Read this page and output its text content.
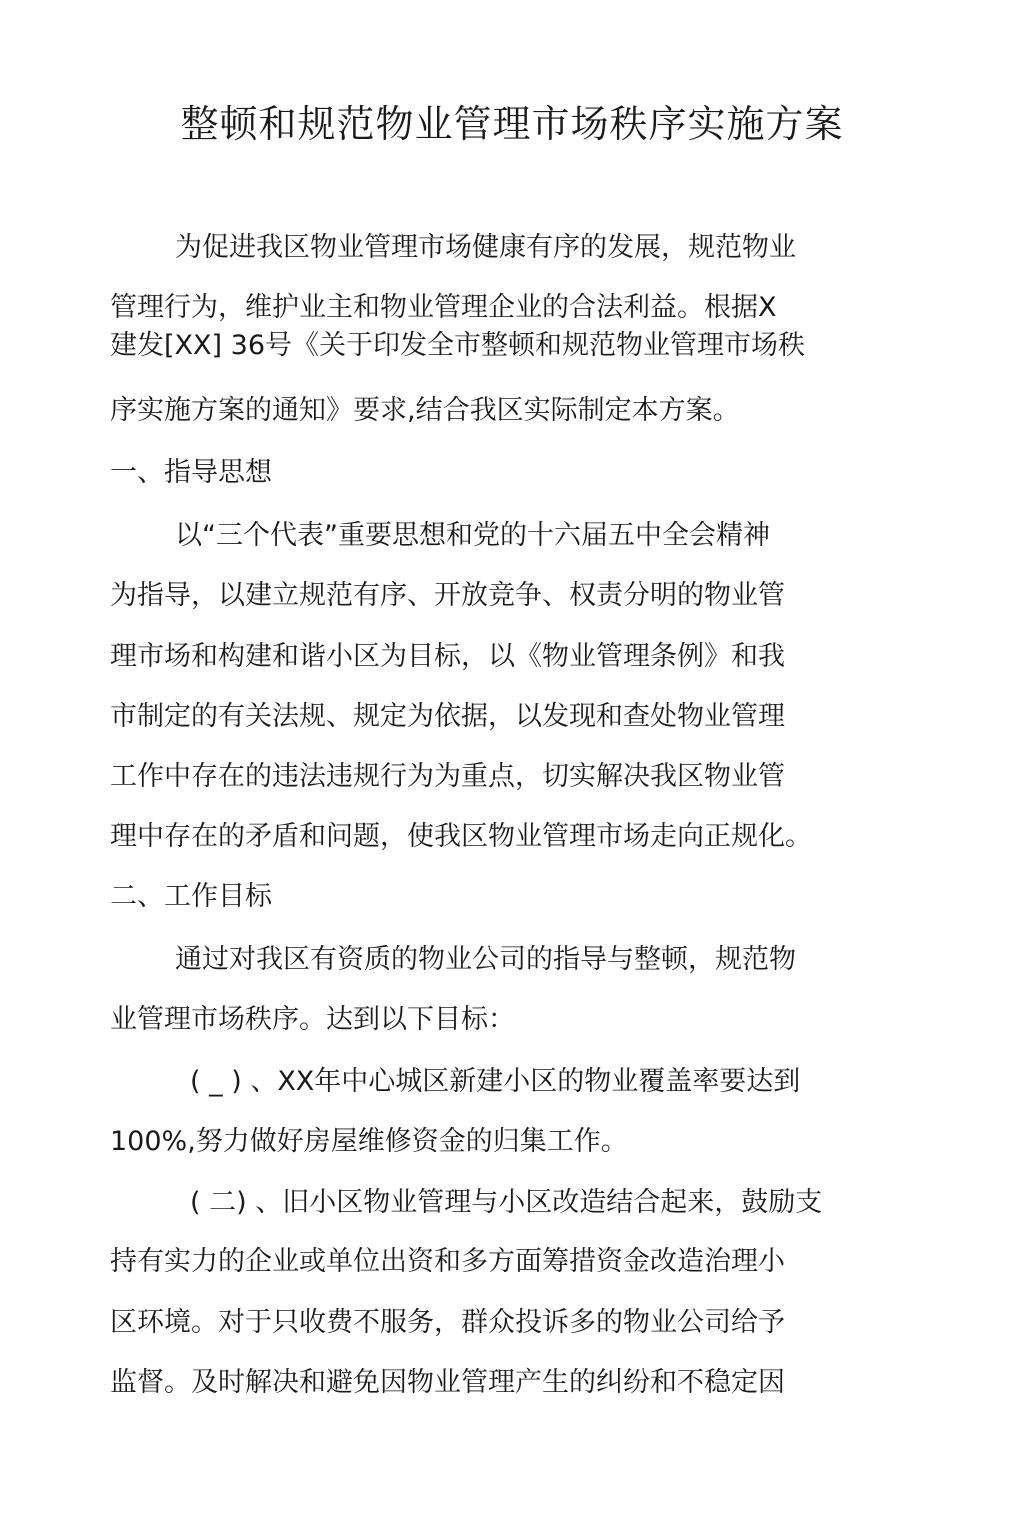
整顿和规范物业管理市场秩序实施方案
为促进我区物业管理市场健康有序的发展，规范物业
管理行为，维护业主和物业管理企业的合法利益。根据X
建发[XX] 36号《关于印发全市整顿和规范物业管理市场秩
序实施方案的通知》要求,结合我区实际制定本方案。
一、指导思想
以“三个代表”重要思想和党的十六届五中全会精神
为指导，以建立规范有序、开放竞争、权责分明的物业管
理市场和构建和谐小区为目标，以《物业管理条例》和我
市制定的有关法规、规定为依据，以发现和查处物业管理
工作中存在的违法违规行为为重点，切实解决我区物业管
理中存在的矛盾和问题，使我区物业管理市场走向正规化。
二、工作目标
通过对我区有资质的物业公司的指导与整顿，规范物
业管理市场秩序。达到以下目标：
( _ ) 、XX年中心城区新建小区的物业覆盖率要达到
100%,努力做好房屋维修资金的归集工作。
( 二) 、旧小区物业管理与小区改造结合起来，鼓励支
持有实力的企业或单位出资和多方面筹措资金改造治理小
区环境。对于只收费不服务，群众投诉多的物业公司给予
监督。及时解决和避免因物业管理产生的纠纷和不稳定因
